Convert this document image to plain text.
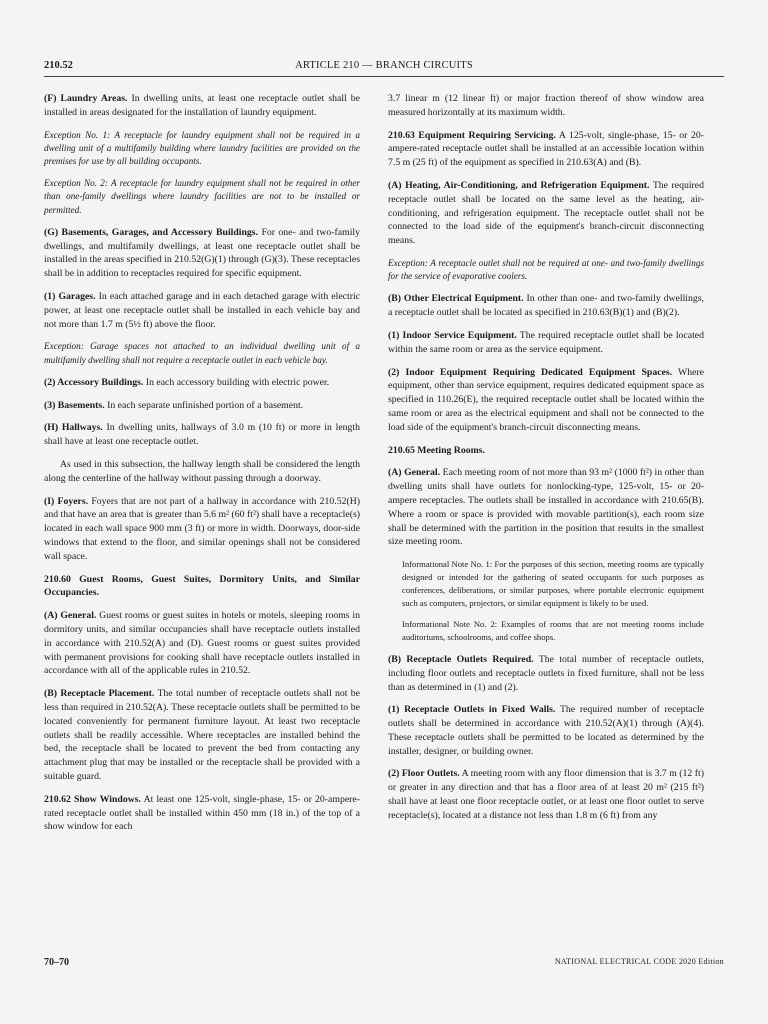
210.52	ARTICLE 210 — BRANCH CIRCUITS

(F) Laundry Areas. In dwelling units, at least one receptacle outlet shall be installed in areas designated for the installation of laundry equipment.

Exception No. 1: A receptacle for laundry equipment shall not be required in a dwelling unit of a multifamily building where laundry facilities are provided on the premises for use by all building occupants.

Exception No. 2: A receptacle for laundry equipment shall not be required in other than one-family dwellings where laundry facilities are not to be installed or permitted.

(G) Basements, Garages, and Accessory Buildings. For one- and two-family dwellings, and multifamily dwellings, at least one receptacle outlet shall be installed in the areas specified in 210.52(G)(1) through (G)(3). These receptacles shall be in addition to receptacles required for specific equipment.

(1) Garages. In each attached garage and in each detached garage with electric power, at least one receptacle outlet shall be installed in each vehicle bay and not more than 1.7 m (5½ ft) above the floor.

Exception: Garage spaces not attached to an individual dwelling unit of a multifamily dwelling shall not require a receptacle outlet in each vehicle bay.

(2) Accessory Buildings. In each accessory building with electric power.

(3) Basements. In each separate unfinished portion of a basement.

(H) Hallways. In dwelling units, hallways of 3.0 m (10 ft) or more in length shall have at least one receptacle outlet.

As used in this subsection, the hallway length shall be considered the length along the centerline of the hallway without passing through a doorway.

(I) Foyers. Foyers that are not part of a hallway in accordance with 210.52(H) and that have an area that is greater than 5.6 m² (60 ft²) shall have a receptacle(s) located in each wall space 900 mm (3 ft) or more in width. Doorways, door-side windows that extend to the floor, and similar openings shall not be considered wall space.

210.60 Guest Rooms, Guest Suites, Dormitory Units, and Similar Occupancies.

(A) General. Guest rooms or guest suites in hotels or motels, sleeping rooms in dormitory units, and similar occupancies shall have receptacle outlets installed in accordance with 210.52(A) and (D). Guest rooms or guest suites provided with permanent provisions for cooking shall have receptacle outlets installed in accordance with all of the applicable rules in 210.52.

(B) Receptacle Placement. The total number of receptacle outlets shall not be less than required in 210.52(A). These receptacle outlets shall be permitted to be located conveniently for permanent furniture layout. At least two receptacle outlets shall be readily accessible. Where receptacles are installed behind the bed, the receptacle shall be located to prevent the bed from contacting any attachment plug that may be installed or the receptacle shall be provided with a suitable guard.

210.62 Show Windows. At least one 125-volt, single-phase, 15- or 20-ampere-rated receptacle outlet shall be installed within 450 mm (18 in.) of the top of a show window for each

3.7 linear m (12 linear ft) or major fraction thereof of show window area measured horizontally at its maximum width.

210.63 Equipment Requiring Servicing. A 125-volt, single-phase, 15- or 20-ampere-rated receptacle outlet shall be installed at an accessible location within 7.5 m (25 ft) of the equipment as specified in 210.63(A) and (B).

(A) Heating, Air-Conditioning, and Refrigeration Equipment. The required receptacle outlet shall be located on the same level as the heating, air-conditioning, and refrigeration equipment. The receptacle outlet shall not be connected to the load side of the equipment's branch-circuit disconnecting means.

Exception: A receptacle outlet shall not be required at one- and two-family dwellings for the service of evaporative coolers.

(B) Other Electrical Equipment. In other than one- and two-family dwellings, a receptacle outlet shall be located as specified in 210.63(B)(1) and (B)(2).

(1) Indoor Service Equipment. The required receptacle outlet shall be located within the same room or area as the service equipment.

(2) Indoor Equipment Requiring Dedicated Equipment Spaces. Where equipment, other than service equipment, requires dedicated equipment space as specified in 110.26(E), the required receptacle outlet shall be located within the same room or area as the electrical equipment and shall not be connected to the load side of the equipment's branch-circuit disconnecting means.

210.65 Meeting Rooms.

(A) General. Each meeting room of not more than 93 m² (1000 ft²) in other than dwelling units shall have outlets for nonlocking-type, 125-volt, 15- or 20-ampere receptacles. The outlets shall be installed in accordance with 210.65(B). Where a room or space is provided with movable partition(s), each room size shall be determined with the partition in the position that results in the smallest size meeting room.

Informational Note No. 1: For the purposes of this section, meeting rooms are typically designed or intended for the gathering of seated occupants for such purposes as conferences, deliberations, or similar purposes, where portable electronic equipment such as computers, projectors, or similar equipment is likely to be used.

Informational Note No. 2: Examples of rooms that are not meeting rooms include auditoriums, schoolrooms, and coffee shops.

(B) Receptacle Outlets Required. The total number of receptacle outlets, including floor outlets and receptacle outlets in fixed furniture, shall not be less than as determined in (1) and (2).

(1) Receptacle Outlets in Fixed Walls. The required number of receptacle outlets shall be determined in accordance with 210.52(A)(1) through (A)(4). These receptacle outlets shall be permitted to be located as determined by the installer, designer, or building owner.

(2) Floor Outlets. A meeting room with any floor dimension that is 3.7 m (12 ft) or greater in any direction and that has a floor area of at least 20 m² (215 ft²) shall have at least one floor receptacle outlet, or at least one floor outlet to serve receptacle(s), located at a distance not less than 1.8 m (6 ft) from any

70–70	NATIONAL ELECTRICAL CODE 2020 Edition
